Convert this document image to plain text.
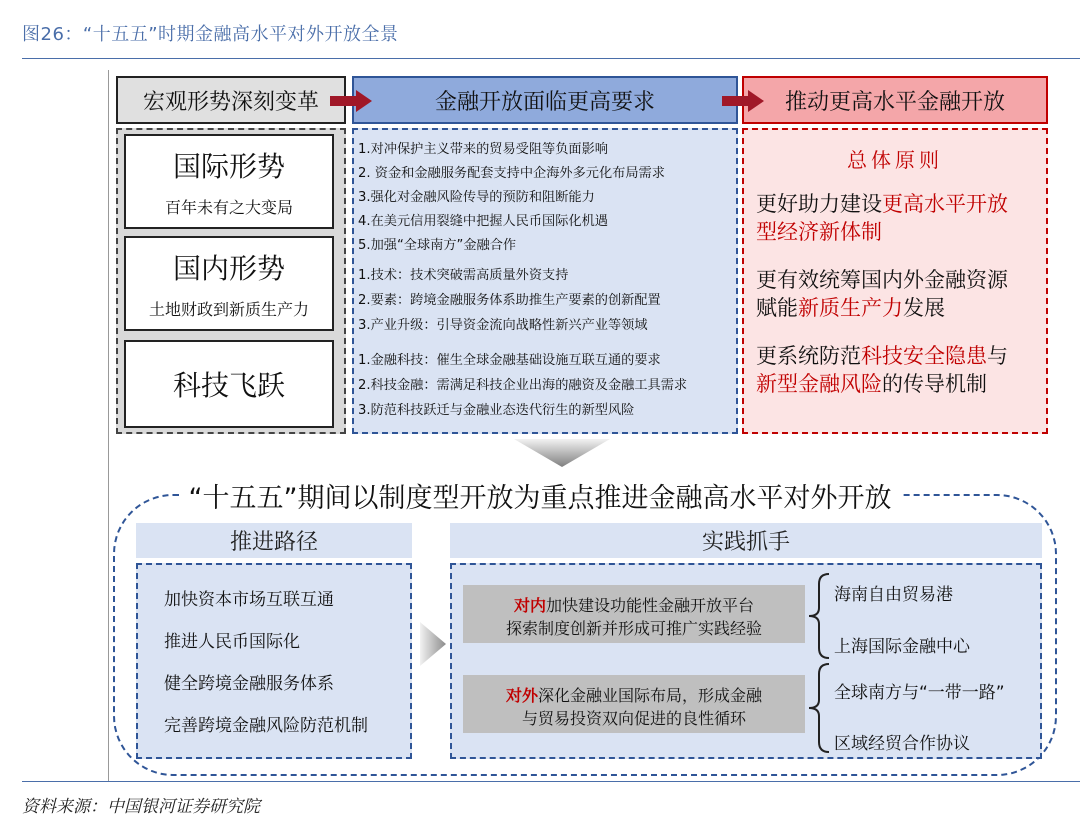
图26：“十五五”时期金融高水平对外开放全景
宏观形势深刻变革	金融开放面临更高要求	推动更高水平金融开放
国际形势
百年未有之大变局
国内形势
土地财政到新质生产力
科技飞跃
1.对冲保护主义带来的贸易受阻等负面影响
2. 资金和金融服务配套支持中企海外多元化布局需求
3.强化对金融风险传导的预防和阻断能力
4.在美元信用裂缝中把握人民币国际化机遇
5.加强“全球南方”金融合作
1.技术：技术突破需高质量外资支持
2.要素：跨境金融服务体系助推生产要素的创新配置
3.产业升级：引导资金流向战略性新兴产业等领域
1.金融科技：催生全球金融基础设施互联互通的要求
2.科技金融：需满足科技企业出海的融资及金融工具需求
3.防范科技跃迁与金融业态迭代衍生的新型风险
总体原则
更好助力建设更高水平开放
型经济新体制
更有效统筹国内外金融资源
赋能新质生产力发展
更系统防范科技安全隐患与
新型金融风险的传导机制
“十五五”期间以制度型开放为重点推进金融高水平对外开放
推进路径
加快资本市场互联互通
推进人民币国际化
健全跨境金融服务体系
完善跨境金融风险防范机制
实践抓手
对内加快建设功能性金融开放平台
探索制度创新并形成可推广实践经验
对外深化金融业国际布局，形成金融
与贸易投资双向促进的良性循环
海南自由贸易港
上海国际金融中心
全球南方与“一带一路”
区域经贸合作协议
资料来源：中国银河证券研究院
